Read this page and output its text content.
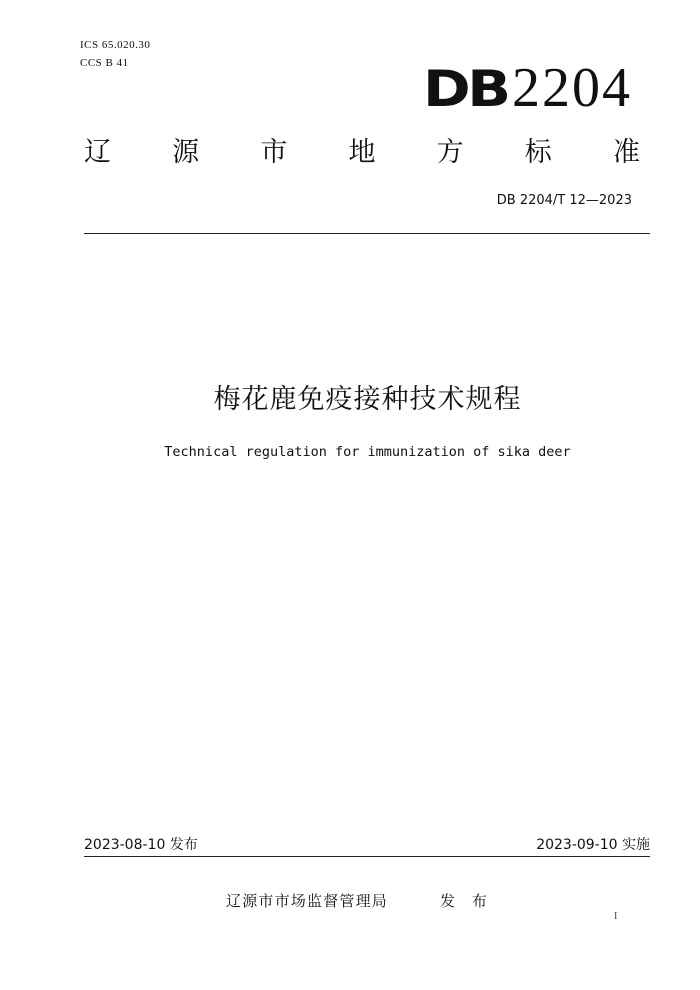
ICS 65.020.30
CCS B 41	DB2204
辽 源 市 地 方 标 准
DB 2204/T 12—2023
梅花鹿免疫接种技术规程
Technical regulation for immunization of sika deer
2023-08-10 发布	2023-09-10 实施
辽源市市场监督管理局	发 布
I
